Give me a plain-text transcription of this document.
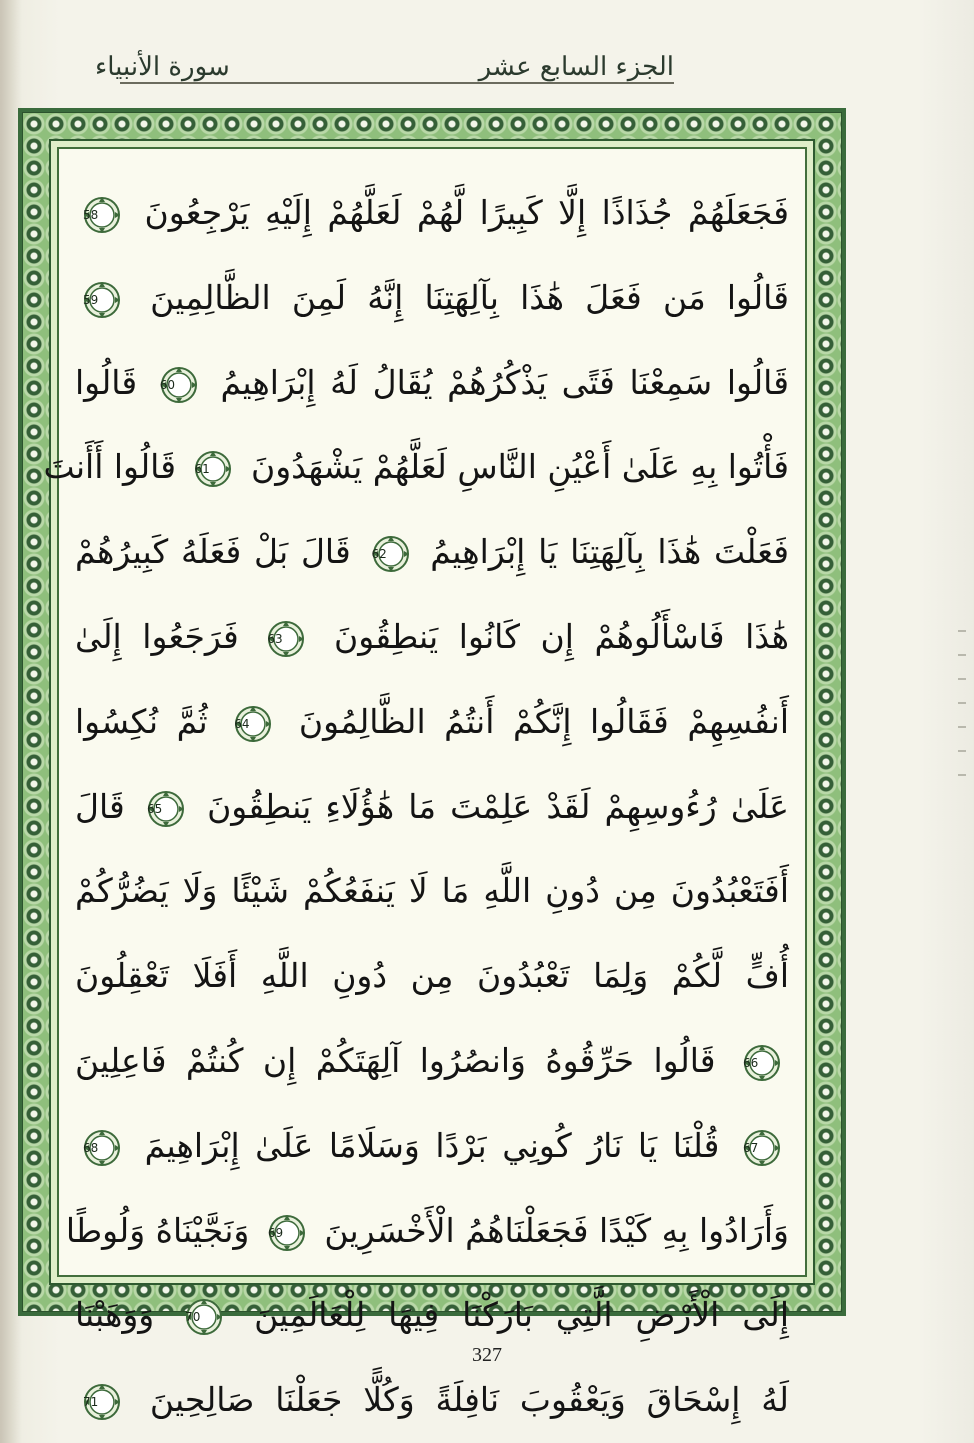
سورة الأنبياء	الجزء السابع عشر
فَجَعَلَهُمْ جُذَاذًا إِلَّا كَبِيرًا لَّهُمْ لَعَلَّهُمْ إِلَيْهِ يَرْجِعُونَ
58
قَالُوا مَن فَعَلَ هَٰذَا بِآلِهَتِنَا إِنَّهُ لَمِنَ الظَّالِمِينَ
59
قَالُوا سَمِعْنَا فَتًى يَذْكُرُهُمْ يُقَالُ لَهُ إِبْرَاهِيمُ
60
قَالُوا
فَأْتُوا بِهِ عَلَىٰ أَعْيُنِ النَّاسِ لَعَلَّهُمْ يَشْهَدُونَ
61
قَالُوا أَأَنتَ
فَعَلْتَ هَٰذَا بِآلِهَتِنَا يَا إِبْرَاهِيمُ
62
قَالَ بَلْ فَعَلَهُ كَبِيرُهُمْ
هَٰذَا فَاسْأَلُوهُمْ إِن كَانُوا يَنطِقُونَ
63
فَرَجَعُوا إِلَىٰ
أَنفُسِهِمْ فَقَالُوا إِنَّكُمْ أَنتُمُ الظَّالِمُونَ
64
ثُمَّ نُكِسُوا
عَلَىٰ رُءُوسِهِمْ لَقَدْ عَلِمْتَ مَا هَٰؤُلَاءِ يَنطِقُونَ
65
قَالَ
أَفَتَعْبُدُونَ مِن دُونِ اللَّهِ مَا لَا يَنفَعُكُمْ شَيْئًا وَلَا يَضُرُّكُمْ
أُفٍّ لَّكُمْ وَلِمَا تَعْبُدُونَ مِن دُونِ اللَّهِ أَفَلَا تَعْقِلُونَ
66
قَالُوا حَرِّقُوهُ وَانصُرُوا آلِهَتَكُمْ إِن كُنتُمْ فَاعِلِينَ
67
قُلْنَا يَا نَارُ كُونِي بَرْدًا وَسَلَامًا عَلَىٰ إِبْرَاهِيمَ
68
وَأَرَادُوا بِهِ كَيْدًا فَجَعَلْنَاهُمُ الْأَخْسَرِينَ
69
وَنَجَّيْنَاهُ وَلُوطًا
إِلَى الْأَرْضِ الَّتِي بَارَكْنَا فِيهَا لِلْعَالَمِينَ
70
وَوَهَبْنَا
لَهُ إِسْحَاقَ وَيَعْقُوبَ نَافِلَةً وَكُلًّا جَعَلْنَا صَالِحِينَ
71
327
